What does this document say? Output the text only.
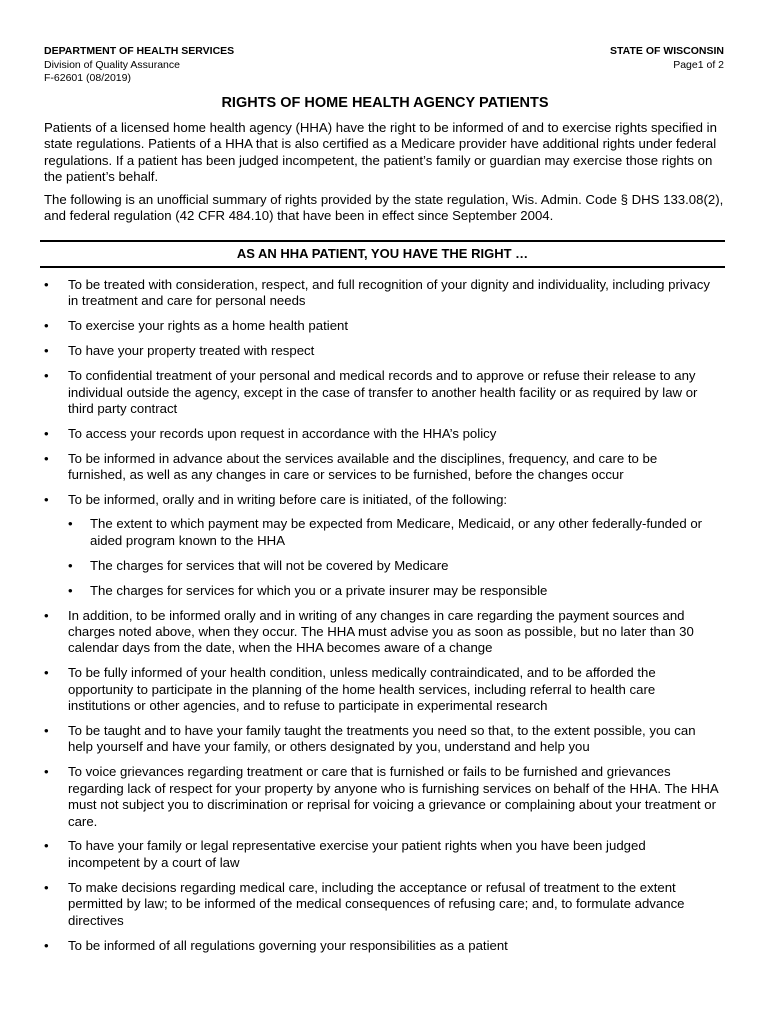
DEPARTMENT OF HEALTH SERVICES
Division of Quality Assurance
F-62601 (08/2019)
STATE OF WISCONSIN
Page1 of 2
RIGHTS OF HOME HEALTH AGENCY PATIENTS

Patients of a licensed home health agency (HHA) have the right to be informed of and to exercise rights specified in state regulations. Patients of a HHA that is also certified as a Medicare provider have additional rights under federal regulations. If a patient has been judged incompetent, the patient’s family or guardian may exercise those rights on the patient’s behalf.

The following is an unofficial summary of rights provided by the state regulation, Wis. Admin. Code § DHS 133.08(2), and federal regulation (42 CFR 484.10) that have been in effect since September 2004.

AS AN HHA PATIENT, YOU HAVE THE RIGHT …
• To be treated with consideration, respect, and full recognition of your dignity and individuality, including privacy in treatment and care for personal needs
• To exercise your rights as a home health patient
• To have your property treated with respect
• To confidential treatment of your personal and medical records and to approve or refuse their release to any individual outside the agency, except in the case of transfer to another health facility or as required by law or third party contract
• To access your records upon request in accordance with the HHA’s policy
• To be informed in advance about the services available and the disciplines, frequency, and care to be furnished, as well as any changes in care or services to be furnished, before the changes occur
• To be informed, orally and in writing before care is initiated, of the following:
• The extent to which payment may be expected from Medicare, Medicaid, or any other federally-funded or aided program known to the HHA
• The charges for services that will not be covered by Medicare
• The charges for services for which you or a private insurer may be responsible
• In addition, to be informed orally and in writing of any changes in care regarding the payment sources and charges noted above, when they occur. The HHA must advise you as soon as possible, but no later than 30 calendar days from the date, when the HHA becomes aware of a change
• To be fully informed of your health condition, unless medically contraindicated, and to be afforded the opportunity to participate in the planning of the home health services, including referral to health care institutions or other agencies, and to refuse to participate in experimental research
• To be taught and to have your family taught the treatments you need so that, to the extent possible, you can help yourself and have your family, or others designated by you, understand and help you
• To voice grievances regarding treatment or care that is furnished or fails to be furnished and grievances regarding lack of respect for your property by anyone who is furnishing services on behalf of the HHA. The HHA must not subject you to discrimination or reprisal for voicing a grievance or complaining about your treatment or care.
• To have your family or legal representative exercise your patient rights when you have been judged incompetent by a court of law
• To make decisions regarding medical care, including the acceptance or refusal of treatment to the extent permitted by law; to be informed of the medical consequences of refusing care; and, to formulate advance directives
• To be informed of all regulations governing your responsibilities as a patient
